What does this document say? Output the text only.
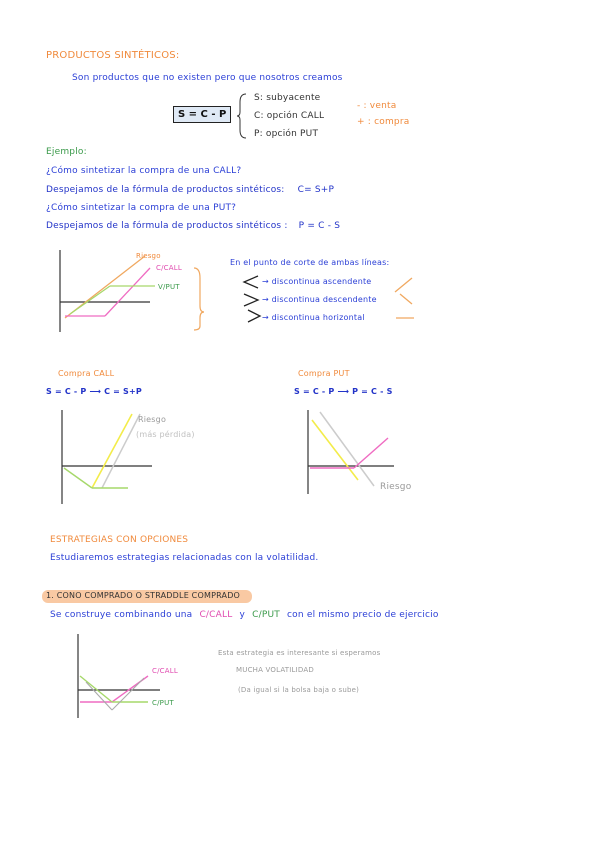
PRODUCTOS SINTÉTICOS:
Son productos que no existen pero que nosotros creamos
S = C - P
S: subyacente
C: opción CALL
P: opción PUT
- : venta
+ : compra
Ejemplo:
¿Cómo sintetizar la compra de una CALL?
Despejamos de la fórmula de productos sintéticos: C= S+P
¿Cómo sintetizar la compra de una PUT?
Despejamos de la fórmula de productos sintéticos : P = C - S
Riesgo
C/CALL
V/PUT
En el punto de corte de ambas líneas:
→ discontinua ascendente
→ discontinua descendente
→ discontinua horizontal
Compra CALL
S = C - P ⟶ C = S+P
Riesgo
(más pérdida)
Compra PUT
S = C - P ⟶ P = C - S
Riesgo
ESTRATEGIAS CON OPCIONES
Estudiaremos estrategias relacionadas con la volatilidad.
1. CONO COMPRADO O STRADDLE COMPRADO
Se construye combinando una C/CALL y C/PUT con el mismo precio de ejercicio
C/CALL
C/PUT
Esta estrategia es interesante si esperamos
MUCHA VOLATILIDAD
(Da igual si la bolsa baja o sube)
